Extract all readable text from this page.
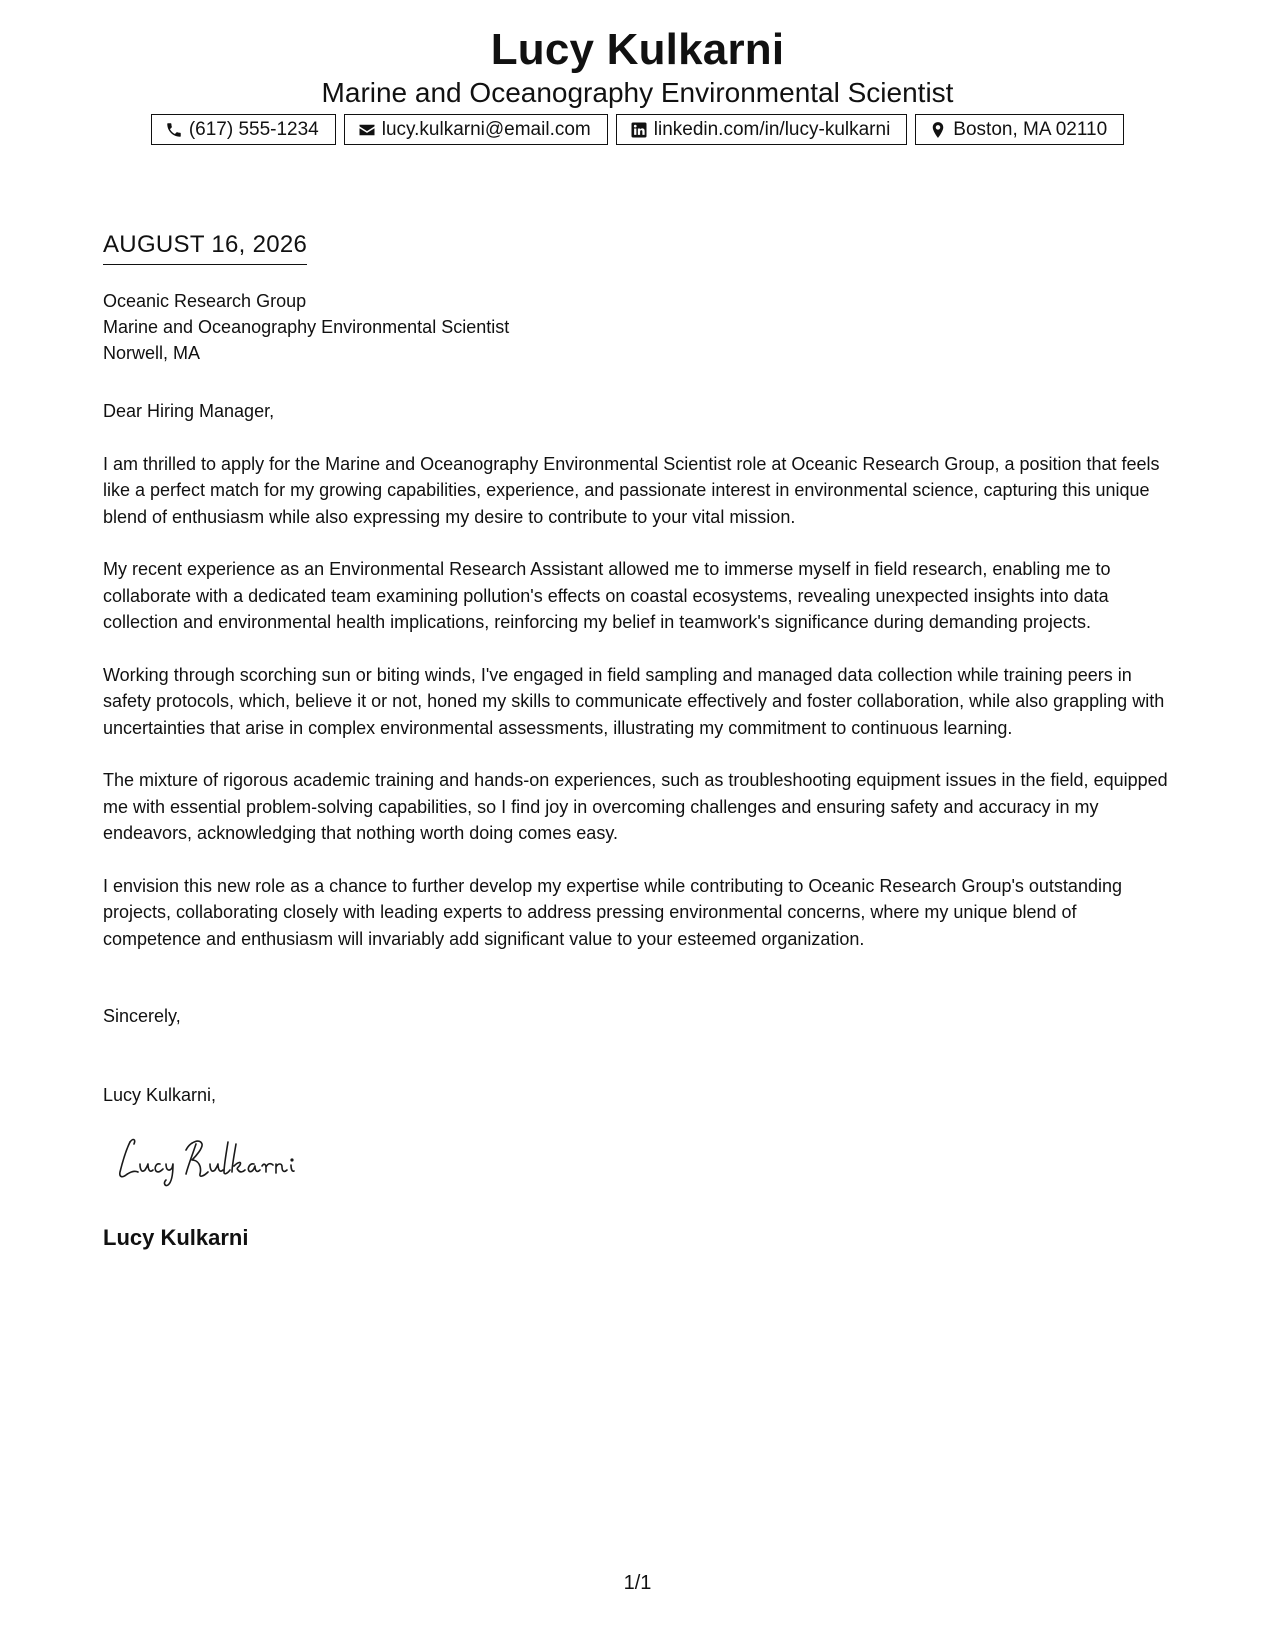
Lucy Kulkarni
Marine and Oceanography Environmental Scientist
(617) 555-1234	lucy.kulkarni@email.com	linkedin.com/in/lucy-kulkarni	Boston, MA 02110
AUGUST 16, 2026
Oceanic Research Group
Marine and Oceanography Environmental Scientist
Norwell, MA

Dear Hiring Manager,

I am thrilled to apply for the Marine and Oceanography Environmental Scientist role at Oceanic Research Group, a position that feels like a perfect match for my growing capabilities, experience, and passionate interest in environmental science, capturing this unique blend of enthusiasm while also expressing my desire to contribute to your vital mission.

My recent experience as an Environmental Research Assistant allowed me to immerse myself in field research, enabling me to collaborate with a dedicated team examining pollution's effects on coastal ecosystems, revealing unexpected insights into data collection and environmental health implications, reinforcing my belief in teamwork's significance during demanding projects.

Working through scorching sun or biting winds, I've engaged in field sampling and managed data collection while training peers in safety protocols, which, believe it or not, honed my skills to communicate effectively and foster collaboration, while also grappling with uncertainties that arise in complex environmental assessments, illustrating my commitment to continuous learning.

The mixture of rigorous academic training and hands-on experiences, such as troubleshooting equipment issues in the field, equipped me with essential problem-solving capabilities, so I find joy in overcoming challenges and ensuring safety and accuracy in my endeavors, acknowledging that nothing worth doing comes easy.

I envision this new role as a chance to further develop my expertise while contributing to Oceanic Research Group's outstanding projects, collaborating closely with leading experts to address pressing environmental concerns, where my unique blend of competence and enthusiasm will invariably add significant value to your esteemed organization.

Sincerely,
Lucy Kulkarni,
Lucy Kulkarni
1/1
